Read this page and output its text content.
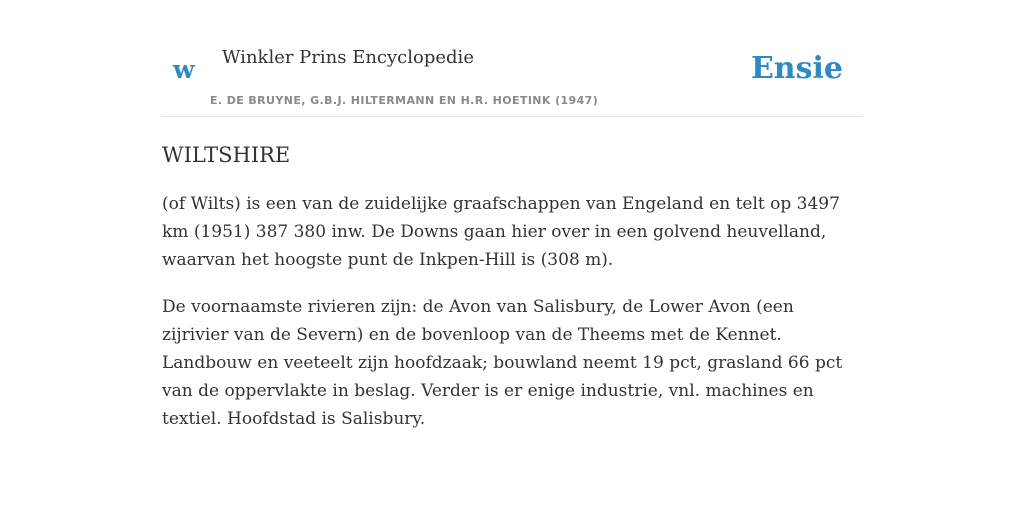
w Winkler Prins Encyclopedie
E. DE BRUYNE, G.B.J. HILTERMANN EN H.R. HOETINK (1947)
Ensie
WILTSHIRE

(of Wilts) is een van de zuidelijke graafschappen van Engeland en telt op 3497 km (1951) 387 380 inw. De Downs gaan hier over in een golvend heuvelland, waarvan het hoogste punt de Inkpen-Hill is (308 m).

De voornaamste rivieren zijn: de Avon van Salisbury, de Lower Avon (een zijrivier van de Severn) en de bovenloop van de Theems met de Kennet. Landbouw en veeteelt zijn hoofdzaak; bouwland neemt 19 pct, grasland 66 pct van de oppervlakte in beslag. Verder is er enige industrie, vnl. machines en textiel. Hoofdstad is Salisbury.
